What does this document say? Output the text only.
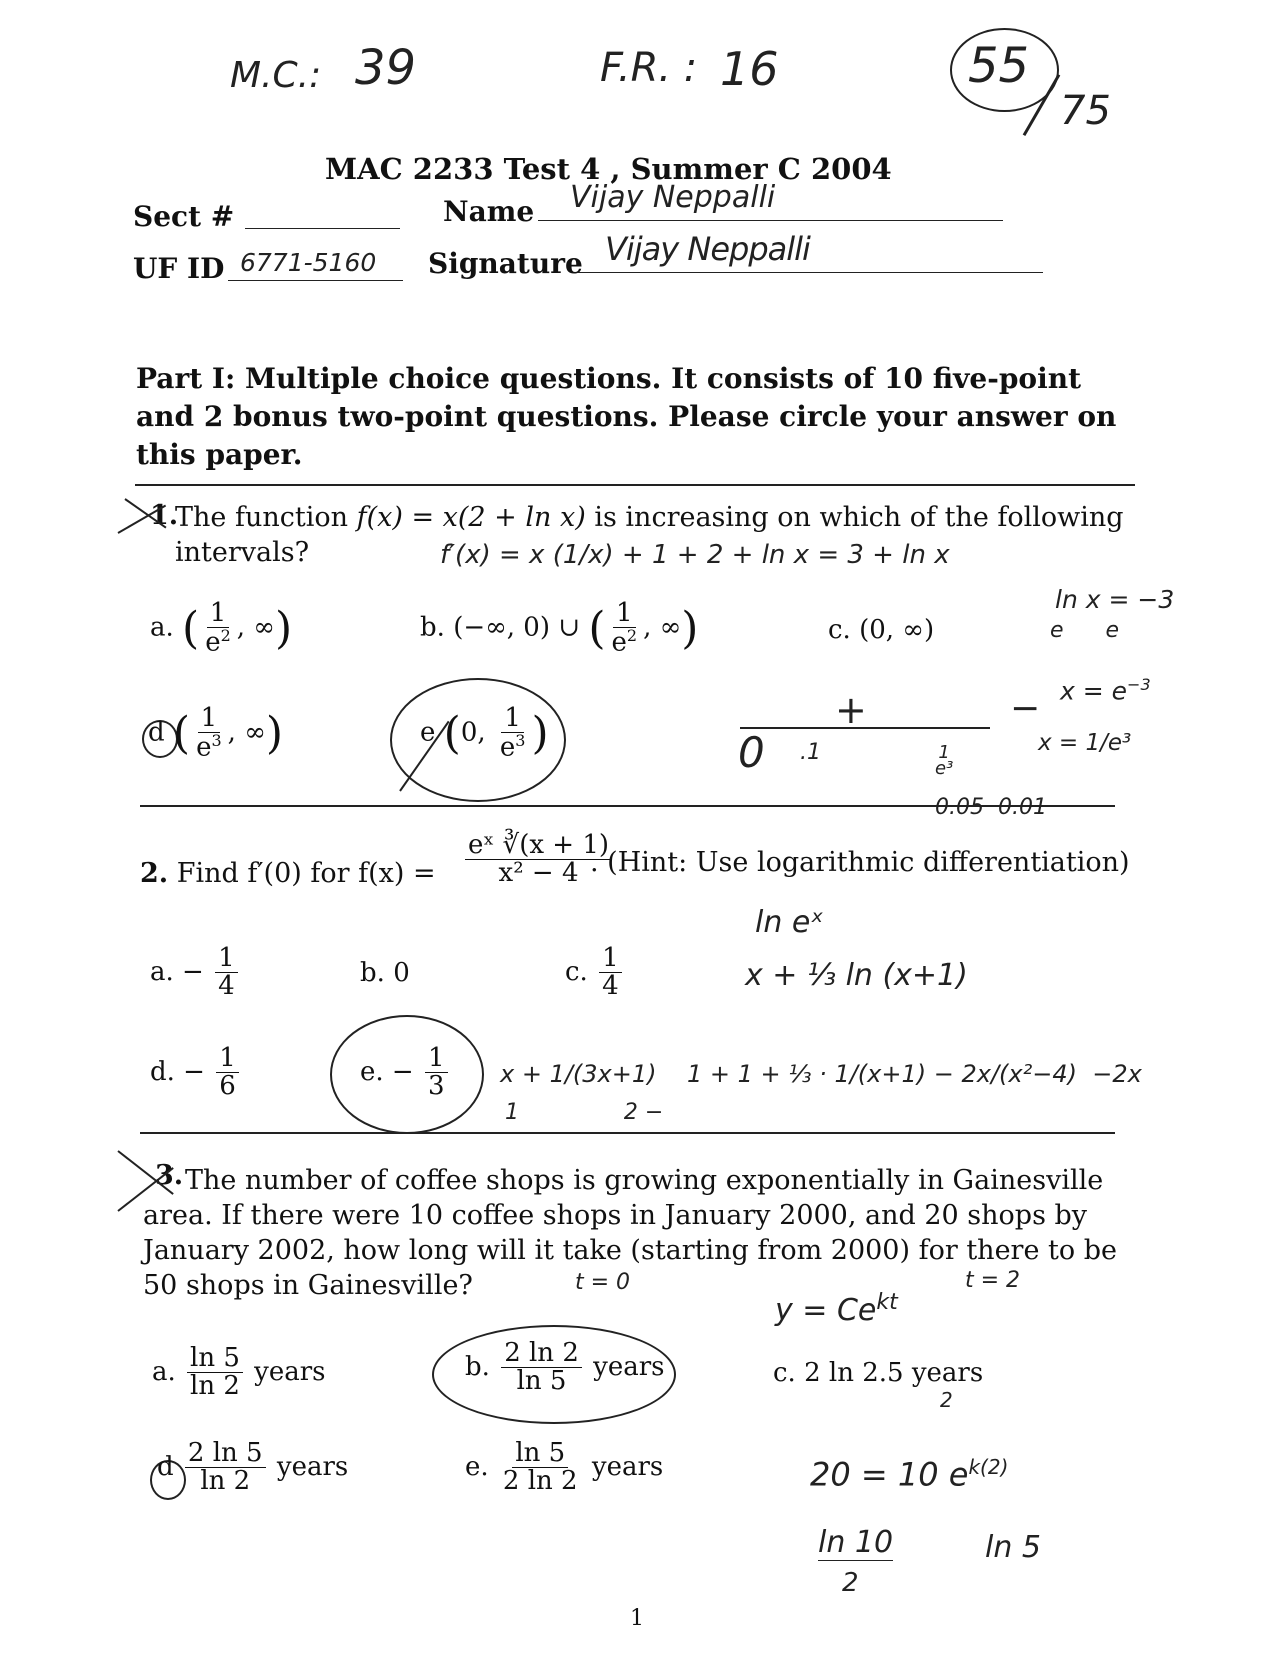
M.C.: 39	F.R. : 16	55
75
MAC 2233 Test 4 , Summer C 2004
Sect #	Name Vijay Neppalli
UF ID 6771-5160 Signature Vijay Neppalli
Part I: Multiple choice questions. It consists of 10 five-point and 2 bonus two-point questions. Please circle your answer on this paper.
The function f(x) = x(2 + ln x) is increasing on which of the following intervals?
1.
f′(x) = x (1/x) + 1 + 2 + ln x = 3 + ln x
a. ( $\frac{1}{e^2}$ , ∞)	b. (−∞, 0) ∪ ( $\frac{1}{e^2}$ , ∞)	c. (0, ∞)
ln x = −3
e      e
$x = e^{-3}$
x = 1/e³
d ( $\frac{1}{e^3}$ , ∞)	e (0, $\frac{1}{e^3}$ )	+	−
0 .1	1
e³
0.05  0.01
2. Find f′(0) for $f(x) = \frac{\text{eˣ ∛(x + 1)}}{\text{x² − 4}}$
. (Hint: Use logarithmic differentiation)
ln eˣ
x + ⅓ ln (x+1)
a. − $\frac{1}{4}$	b. 0	c. $\frac{1}{4}$
d. − $\frac{1}{6}$	e. − $\frac{1}{3}$ x + 1/(3x+1)    1 + 1 + ⅓ · 1/(x+1) − 2x/(x²−4)  −2x
1               2 −
3. The number of coffee shops is growing exponentially in Gainesville area. If there were 10 coffee shops in January 2000, and 20 shops by January 2002, how long will it take (starting from 2000) for there to be 50 shops in Gainesville?	t = 0
$y = Ce^{kt}$
t = 2
a. $\frac{\ln 5}{\ln 2}$ years	b. $\frac{2 \ln 2}{\ln 5}$ years	c. 2 ln 2.5 years
2
d $\frac{2 \ln 5}{\ln 2}$ years	e. $\frac{\ln 5}{2 \ln 2}$ years	20 = 10 $e^{k(2)}$
ln 10
2
ln 5
1
